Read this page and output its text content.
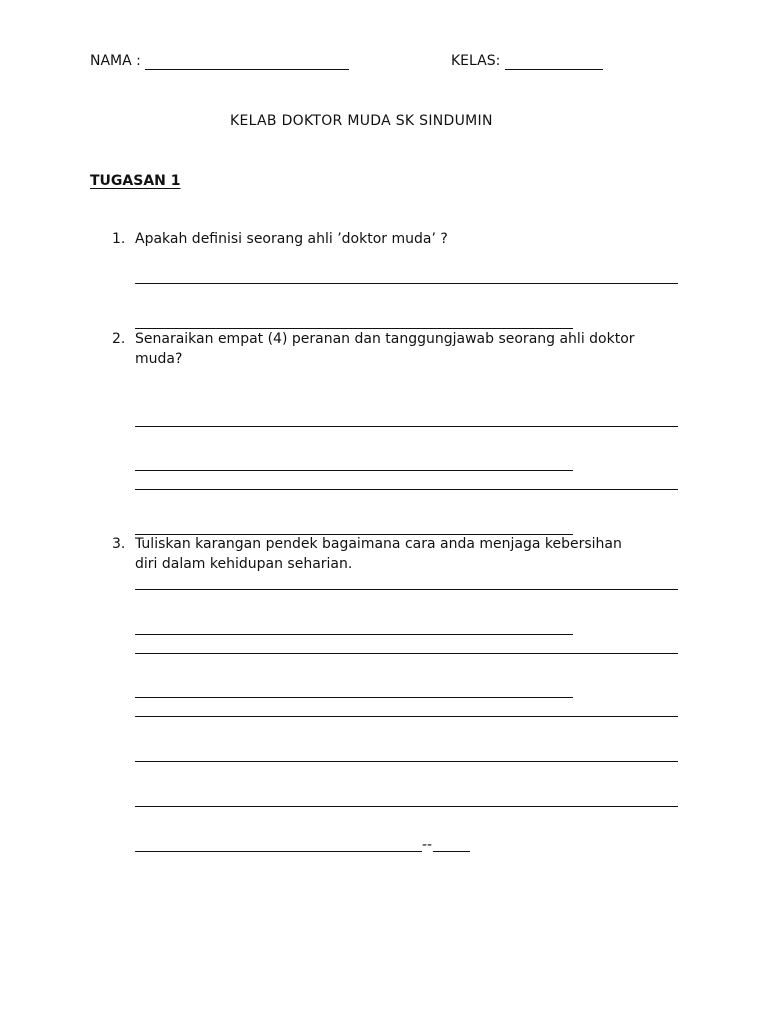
NAMA :	KELAS:
KELAB DOKTOR MUDA SK SINDUMIN
TUGASAN 1
1. Apakah definisi seorang ahli ’doktor muda’ ?
2. Senaraikan empat (4) peranan dan tanggungjawab seorang ahli doktor
muda?
3. Tuliskan karangan pendek bagaimana cara anda menjaga kebersihan
diri dalam kehidupan seharian.
--
